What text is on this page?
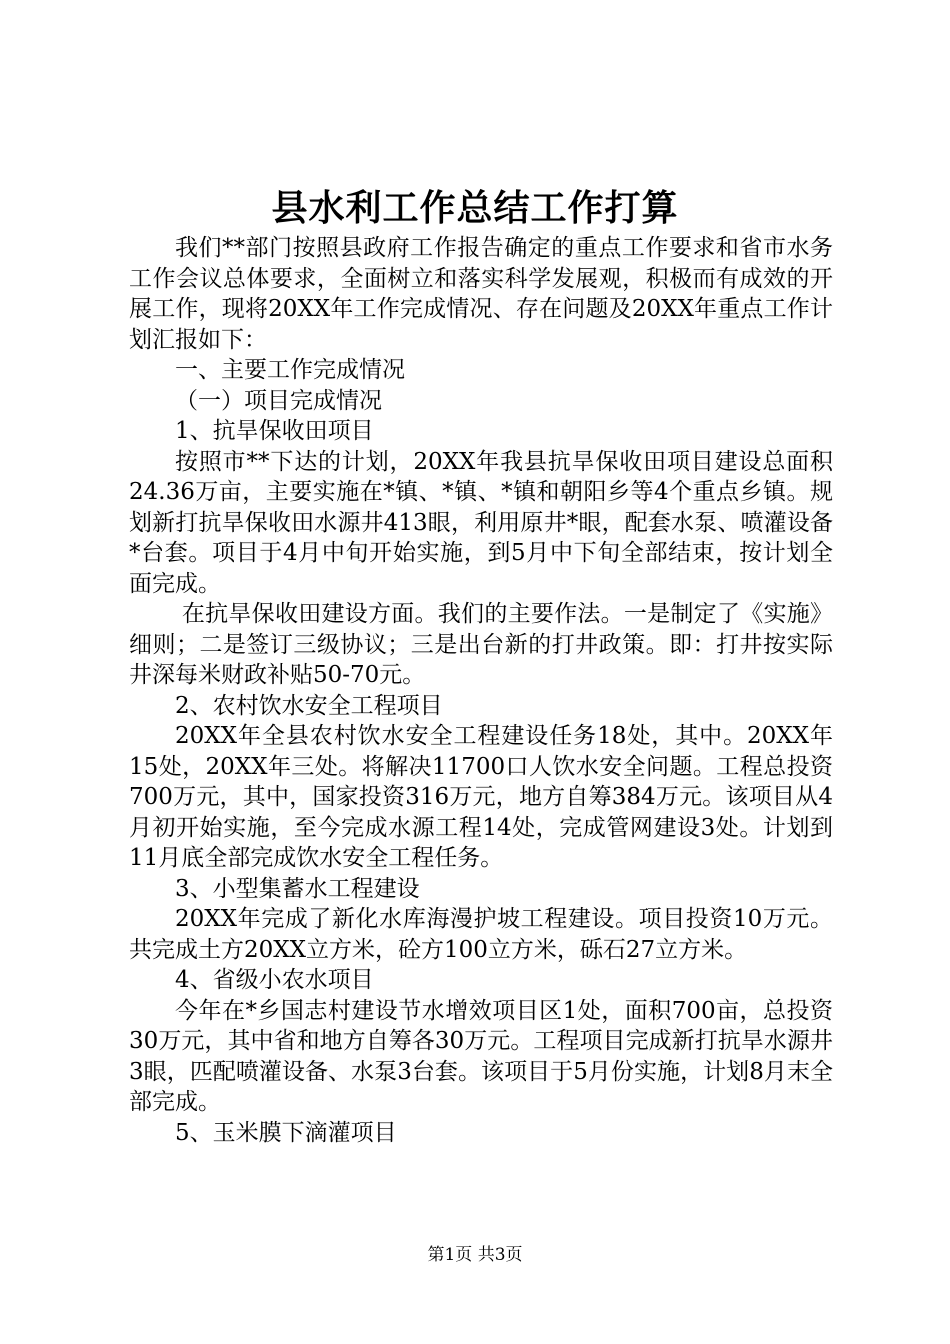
县水利工作总结工作打算

我们**部门按照县政府工作报告确定的重点工作要求和省市水务工作会议总体要求，全面树立和落实科学发展观，积极而有成效的开展工作，现将20XX年工作完成情况、存在问题及20XX年重点工作计划汇报如下：

一、主要工作完成情况

（一）项目完成情况

1、抗旱保收田项目

按照市**下达的计划，20XX年我县抗旱保收田项目建设总面积24.36万亩，主要实施在*镇、*镇、*镇和朝阳乡等4个重点乡镇。规划新打抗旱保收田水源井413眼，利用原井*眼，配套水泵、喷灌设备*台套。项目于4月中旬开始实施，到5月中下旬全部结束，按计划全面完成。

在抗旱保收田建设方面。我们的主要作法。一是制定了《实施》细则；二是签订三级协议；三是出台新的打井政策。即：打井按实际井深每米财政补贴50-70元。

2、农村饮水安全工程项目

20XX年全县农村饮水安全工程建设任务18处，其中。20XX年15处，20XX年三处。将解决11700口人饮水安全问题。工程总投资700万元，其中，国家投资316万元，地方自筹384万元。该项目从4月初开始实施，至今完成水源工程14处，完成管网建设3处。计划到11月底全部完成饮水安全工程任务。

3、小型集蓄水工程建设

20XX年完成了新化水库海漫护坡工程建设。项目投资10万元。共完成土方20XX立方米，砼方100立方米，砾石27立方米。

4、省级小农水项目

今年在*乡国志村建设节水增效项目区1处，面积700亩，总投资30万元，其中省和地方自筹各30万元。工程项目完成新打抗旱水源井3眼，匹配喷灌设备、水泵3台套。该项目于5月份实施，计划8月末全部完成。

5、玉米膜下滴灌项目

第1页 共3页
